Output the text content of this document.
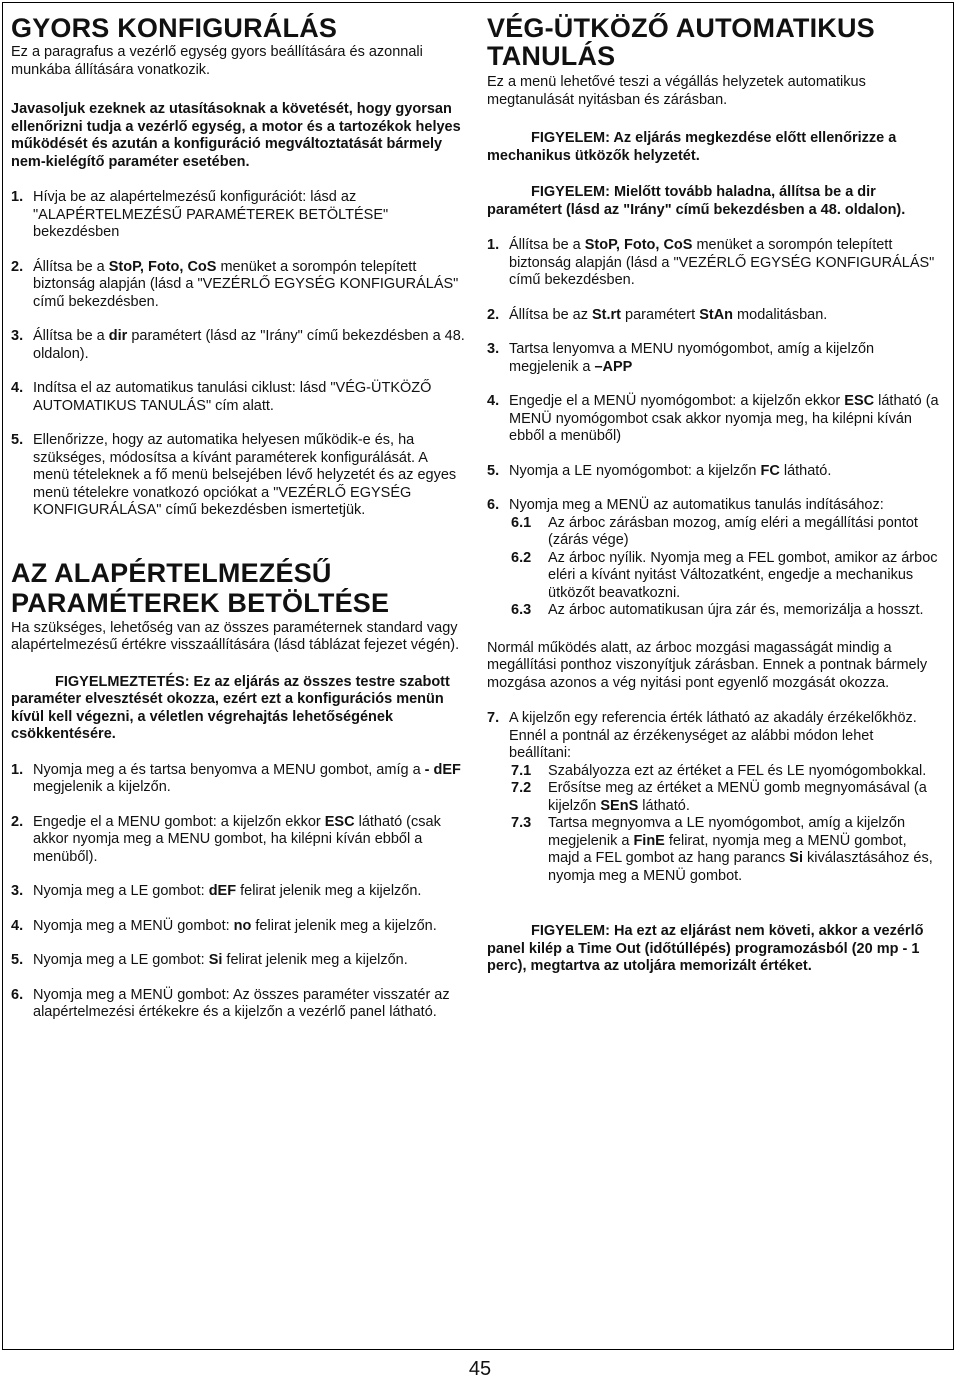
GYORS KONFIGURÁLÁS

Ez a paragrafus a vezérlő egység gyors beállítására és azonnali munkába állítására vonatkozik.

Javasoljuk ezeknek az utasításoknak a követését, hogy gyorsan ellenőrizni tudja a vezérlő egység, a motor és a tartozékok helyes működését és azután a konfiguráció megváltoztatását bármely nem-kielégítő paraméter esetében.

1. Hívja be az alapértelmezésű konfigurációt: lásd az "ALAPÉRTELMEZÉSŰ PARAMÉTEREK BETÖLTÉSE" bekezdésben
2. Állítsa be a StoP, Foto, CoS menüket a sorompón telepített biztonság alapján (lásd a "VEZÉRLŐ EGYSÉG KONFIGURÁLÁS" című bekezdésben.
3. Állítsa be a dir paramétert (lásd az "Irány" című bekezdésben a 48. oldalon).
4. Indítsa el az automatikus tanulási ciklust: lásd "VÉG-ÜTKÖZŐ AUTOMATIKUS TANULÁS" cím alatt.
5. Ellenőrizze, hogy az automatika helyesen működik-e és, ha szükséges, módosítsa a kívánt paraméterek konfigurálását. A menü tételeknek a fő menü belsejében lévő helyzetét és az egyes menü tételekre vonatkozó opciókat a "VEZÉRLŐ EGYSÉG KONFIGURÁLÁSA" című bekezdésben ismertetjük.
AZ ALAPÉRTELMEZÉSŰ PARAMÉTEREK BETÖLTÉSE

Ha szükséges, lehetőség van az összes paraméternek standard vagy alapértelmezésű értékre visszaállítására (lásd táblázat fejezet végén).

FIGYELMEZTETÉS: Ez az eljárás az összes testre szabott paraméter elvesztését okozza, ezért ezt a konfigurációs menün kívül kell végezni, a véletlen végrehajtás lehetőségének csökkentésére.

1. Nyomja meg a és tartsa benyomva a MENU gombot, amíg a - dEF megjelenik a kijelzőn.
2. Engedje el a MENU gombot: a kijelzőn ekkor ESC látható (csak akkor nyomja meg a MENU gombot, ha kilépni kíván ebből a menüből).
3. Nyomja meg a LE gombot: dEF felirat jelenik meg a kijelzőn.
4. Nyomja meg a MENÜ gombot: no felirat jelenik meg a kijelzőn.
5. Nyomja meg a LE gombot: Si felirat jelenik meg a kijelzőn.
6. Nyomja meg a MENÜ gombot: Az összes paraméter visszatér az alapértelmezési értékekre és a kijelzőn a vezérlő panel látható.
VÉG-ÜTKÖZŐ AUTOMATIKUS TANULÁS

Ez a menü lehetővé teszi a végállás helyzetek automatikus megtanulását nyitásban és zárásban.

FIGYELEM: Az eljárás megkezdése előtt ellenőrizze a mechanikus ütközők helyzetét.

FIGYELEM: Mielőtt tovább haladna, állítsa be a dir paramétert (lásd az "Irány" című bekezdésben a 48. oldalon).

1. Állítsa be a StoP, Foto, CoS menüket a sorompón telepített biztonság alapján (lásd a "VEZÉRLŐ EGYSÉG KONFIGURÁLÁS" című bekezdésben.
2. Állítsa be az St.rt paramétert StAn modalitásban.
3. Tartsa lenyomva a MENU nyomógombot, amíg a kijelzőn megjelenik a –APP
4. Engedje el a MENÜ nyomógombot: a kijelzőn ekkor ESC látható (a MENÜ nyomógombot csak akkor nyomja meg, ha kilépni kíván ebből a menüből)
5. Nyomja a LE nyomógombot: a kijelzőn FC látható.
6. Nyomja meg a MENÜ az automatikus tanulás indításához:
6.1	Az árboc zárásban mozog, amíg eléri a megállítási pontot (zárás vége)
6.2	Az árboc nyílik. Nyomja meg a FEL gombot, amikor az árboc eléri a kívánt nyitást Változatként, engedje a mechanikus ütközőt beavatkozni.
6.3	Az árboc automatikusan újra zár és, memorizálja a hosszt.

Normál működés alatt, az árboc mozgási magasságát mindig a megállítási ponthoz viszonyítjuk zárásban. Ennek a pontnak bármely mozgása azonos a vég nyitási pont egyenlő mozgását okozza.

7. A kijelzőn egy referencia érték látható az akadály érzékelőkhöz. Ennél a pontnál az érzékenységet az alábbi módon lehet beállítani:
7.1	Szabályozza ezt az értéket a FEL és LE nyomógombokkal.
7.2	Erősítse meg az értéket a MENÜ gomb megnyomásával (a kijelzőn SEnS látható.
7.3	Tartsa megnyomva a LE nyomógombot, amíg a kijelzőn megjelenik a FinE felirat, nyomja meg a MENÜ gombot, majd a FEL gombot az hang parancs Si kiválasztásához és, nyomja meg a MENÜ gombot.

FIGYELEM: Ha ezt az eljárást nem követi, akkor a vezérlő panel kilép a Time Out (időtúllépés) programozásból (20 mp - 1 perc), megtartva az utoljára memorizált értéket.

45
